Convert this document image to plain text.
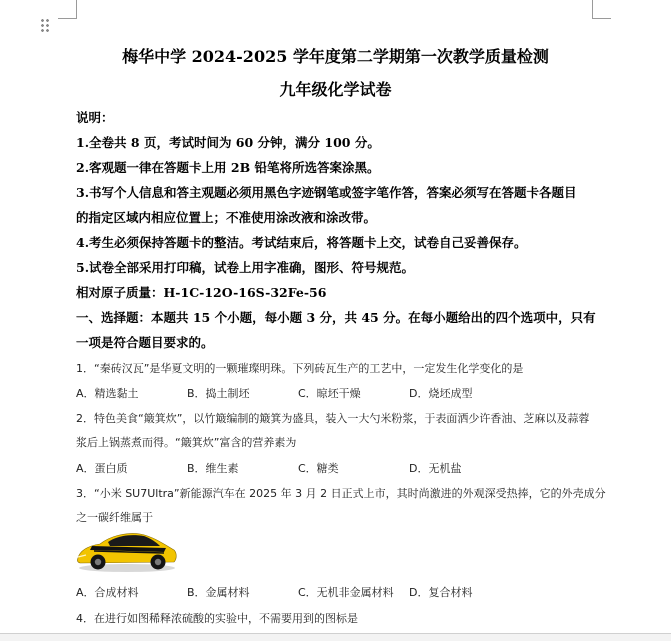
梅华中学 2024-2025 学年度第二学期第一次教学质量检测
九年级化学试卷
说明：
1.全卷共 8 页，考试时间为 60 分钟，满分 100 分。
2.客观题一律在答题卡上用 2B 铅笔将所选答案涂黑。
3.书写个人信息和答主观题必须用黑色字迹钢笔或签字笔作答，答案必须写在答题卡各题目
的指定区域内相应位置上；不准使用涂改液和涂改带。
4.考生必须保持答题卡的整洁。考试结束后，将答题卡上交，试卷自己妥善保存。
5.试卷全部采用打印稿，试卷上用字准确，图形、符号规范。
相对原子质量：H-1C-12O-16S-32Fe-56
一、选择题：本题共 15 个小题，每小题 3 分，共 45 分。在每小题给出的四个选项中，只有
一项是符合题目要求的。
1．“秦砖汉瓦”是华夏文明的一颗璀璨明珠。下列砖瓦生产的工艺中，一定发生化学变化的是
A．精选黏土	B．捣土制坯	C．晾坯干燥	D．烧坯成型
2．特色美食“簸箕炊”，以竹簸编制的簸箕为盛具，装入一大勺米粉浆，于表面洒少许香油、芝麻以及蒜蓉
浆后上锅蒸煮而得。“簸箕炊”富含的营养素为
A．蛋白质	B．维生素	C．糖类	D．无机盐
3．“小米 SU7Ultra”新能源汽车在 2025 年 3 月 2 日正式上市，其时尚激进的外观深受热捧，它的外壳成分
之一碳纤维属于
A．合成材料	B．金属材料	C．无机非金属材料 D．复合材料
4．在进行如图稀释浓硫酸的实验中，不需要用到的图标是
